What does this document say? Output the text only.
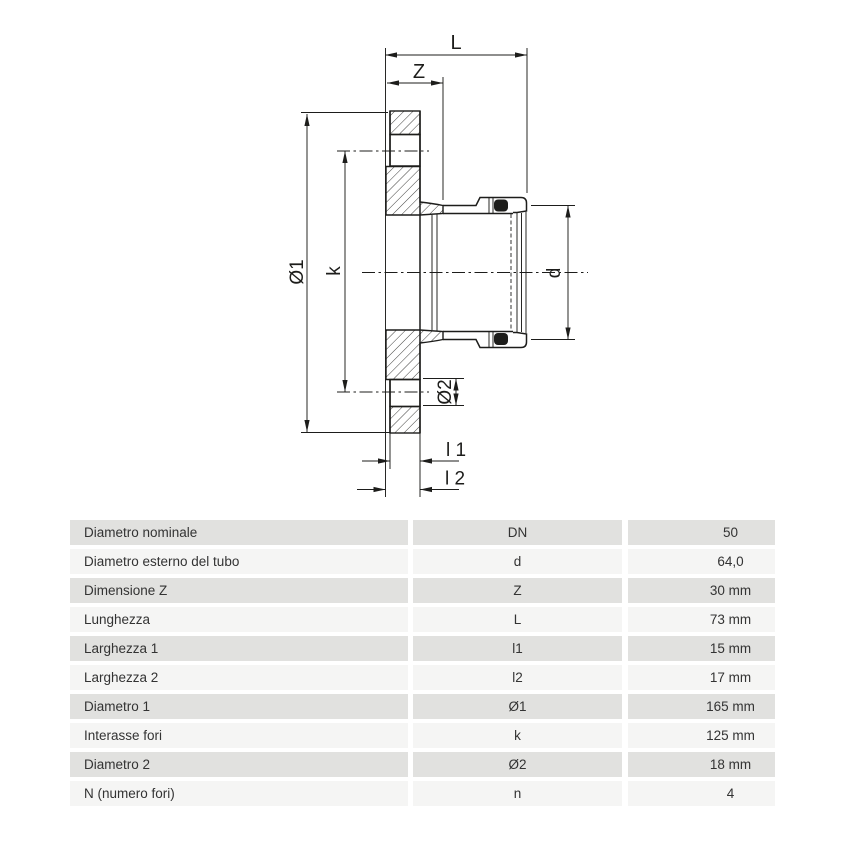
L
Z
Ø1 k	d
Ø2
l 1
l 2
Diametro nominale	DN	50
Diametro esterno del tubo	d	64,0
Dimensione Z	Z	30 mm
Lunghezza	L	73 mm
Larghezza 1	l1	15 mm
Larghezza 2	l2	17 mm
Diametro 1	Ø1	165 mm
Interasse fori	k	125 mm
Diametro 2	Ø2	18 mm
N (numero fori)	n	4
